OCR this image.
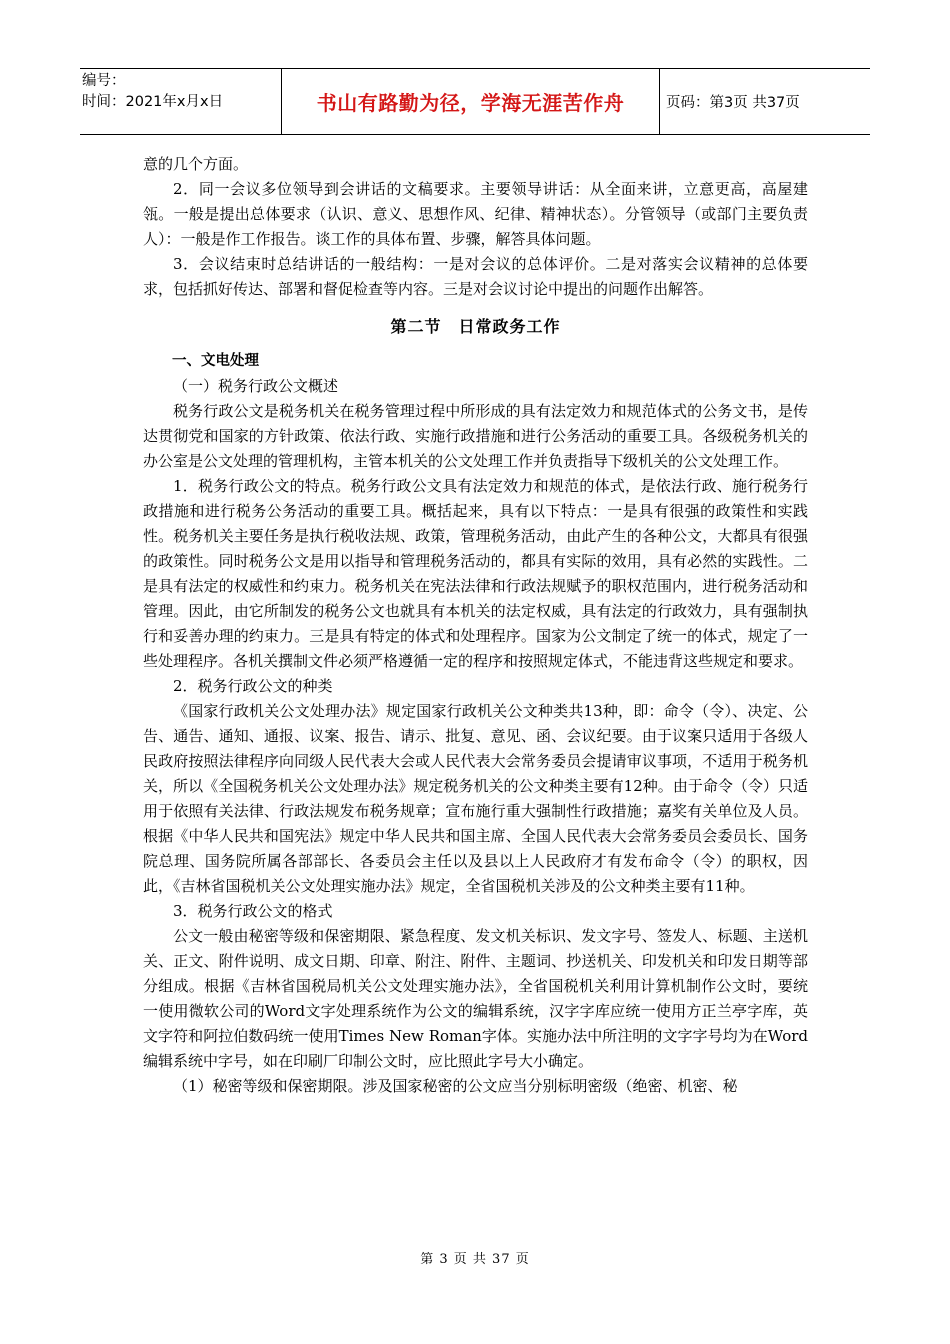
编号：
时间：2021年x月x日	书山有路勤为径，学海无涯苦作舟	页码：第3页 共37页

意的几个方面。

2．同一会议多位领导到会讲话的文稿要求。主要领导讲话：从全面来讲，立意更高，高屋建瓴。一般是提出总体要求（认识、意义、思想作风、纪律、精神状态）。分管领导（或部门主要负责人）：一般是作工作报告。谈工作的具体布置、步骤，解答具体问题。

3．会议结束时总结讲话的一般结构：一是对会议的总体评价。二是对落实会议精神的总体要求，包括抓好传达、部署和督促检查等内容。三是对会议讨论中提出的问题作出解答。

第二节　日常政务工作

一、文电处理

（一）税务行政公文概述

税务行政公文是税务机关在税务管理过程中所形成的具有法定效力和规范体式的公务文书，是传达贯彻党和国家的方针政策、依法行政、实施行政措施和进行公务活动的重要工具。各级税务机关的办公室是公文处理的管理机构，主管本机关的公文处理工作并负责指导下级机关的公文处理工作。

1．税务行政公文的特点。税务行政公文具有法定效力和规范的体式，是依法行政、施行税务行政措施和进行税务公务活动的重要工具。概括起来，具有以下特点：一是具有很强的政策性和实践性。税务机关主要任务是执行税收法规、政策，管理税务活动，由此产生的各种公文，大都具有很强的政策性。同时税务公文是用以指导和管理税务活动的，都具有实际的效用，具有必然的实践性。二是具有法定的权威性和约束力。税务机关在宪法法律和行政法规赋予的职权范围内，进行税务活动和管理。因此，由它所制发的税务公文也就具有本机关的法定权威，具有法定的行政效力，具有强制执行和妥善办理的约束力。三是具有特定的体式和处理程序。国家为公文制定了统一的体式，规定了一些处理程序。各机关撰制文件必须严格遵循一定的程序和按照规定体式，不能违背这些规定和要求。

2．税务行政公文的种类

《国家行政机关公文处理办法》规定国家行政机关公文种类共13种，即：命令（令）、决定、公告、通告、通知、通报、议案、报告、请示、批复、意见、函、会议纪要。由于议案只适用于各级人民政府按照法律程序向同级人民代表大会或人民代表大会常务委员会提请审议事项，不适用于税务机关，所以《全国税务机关公文处理办法》规定税务机关的公文种类主要有12种。由于命令（令）只适用于依照有关法律、行政法规发布税务规章；宣布施行重大强制性行政措施；嘉奖有关单位及人员。根据《中华人民共和国宪法》规定中华人民共和国主席、全国人民代表大会常务委员会委员长、国务院总理、国务院所属各部部长、各委员会主任以及县以上人民政府才有发布命令（令）的职权，因此，《吉林省国税机关公文处理实施办法》规定，全省国税机关涉及的公文种类主要有11种。

3．税务行政公文的格式

公文一般由秘密等级和保密期限、紧急程度、发文机关标识、发文字号、签发人、标题、主送机关、正文、附件说明、成文日期、印章、附注、附件、主题词、抄送机关、印发机关和印发日期等部分组成。根据《吉林省国税局机关公文处理实施办法》，全省国税机关利用计算机制作公文时，要统一使用微软公司的Word文字处理系统作为公文的编辑系统，汉字字库应统一使用方正兰亭字库，英文字符和阿拉伯数码统一使用Times New Roman字体。实施办法中所注明的文字字号均为在Word编辑系统中字号，如在印刷厂印制公文时，应比照此字号大小确定。

（1）秘密等级和保密期限。涉及国家秘密的公文应当分别标明密级（绝密、机密、秘

第 3 页 共 37 页
